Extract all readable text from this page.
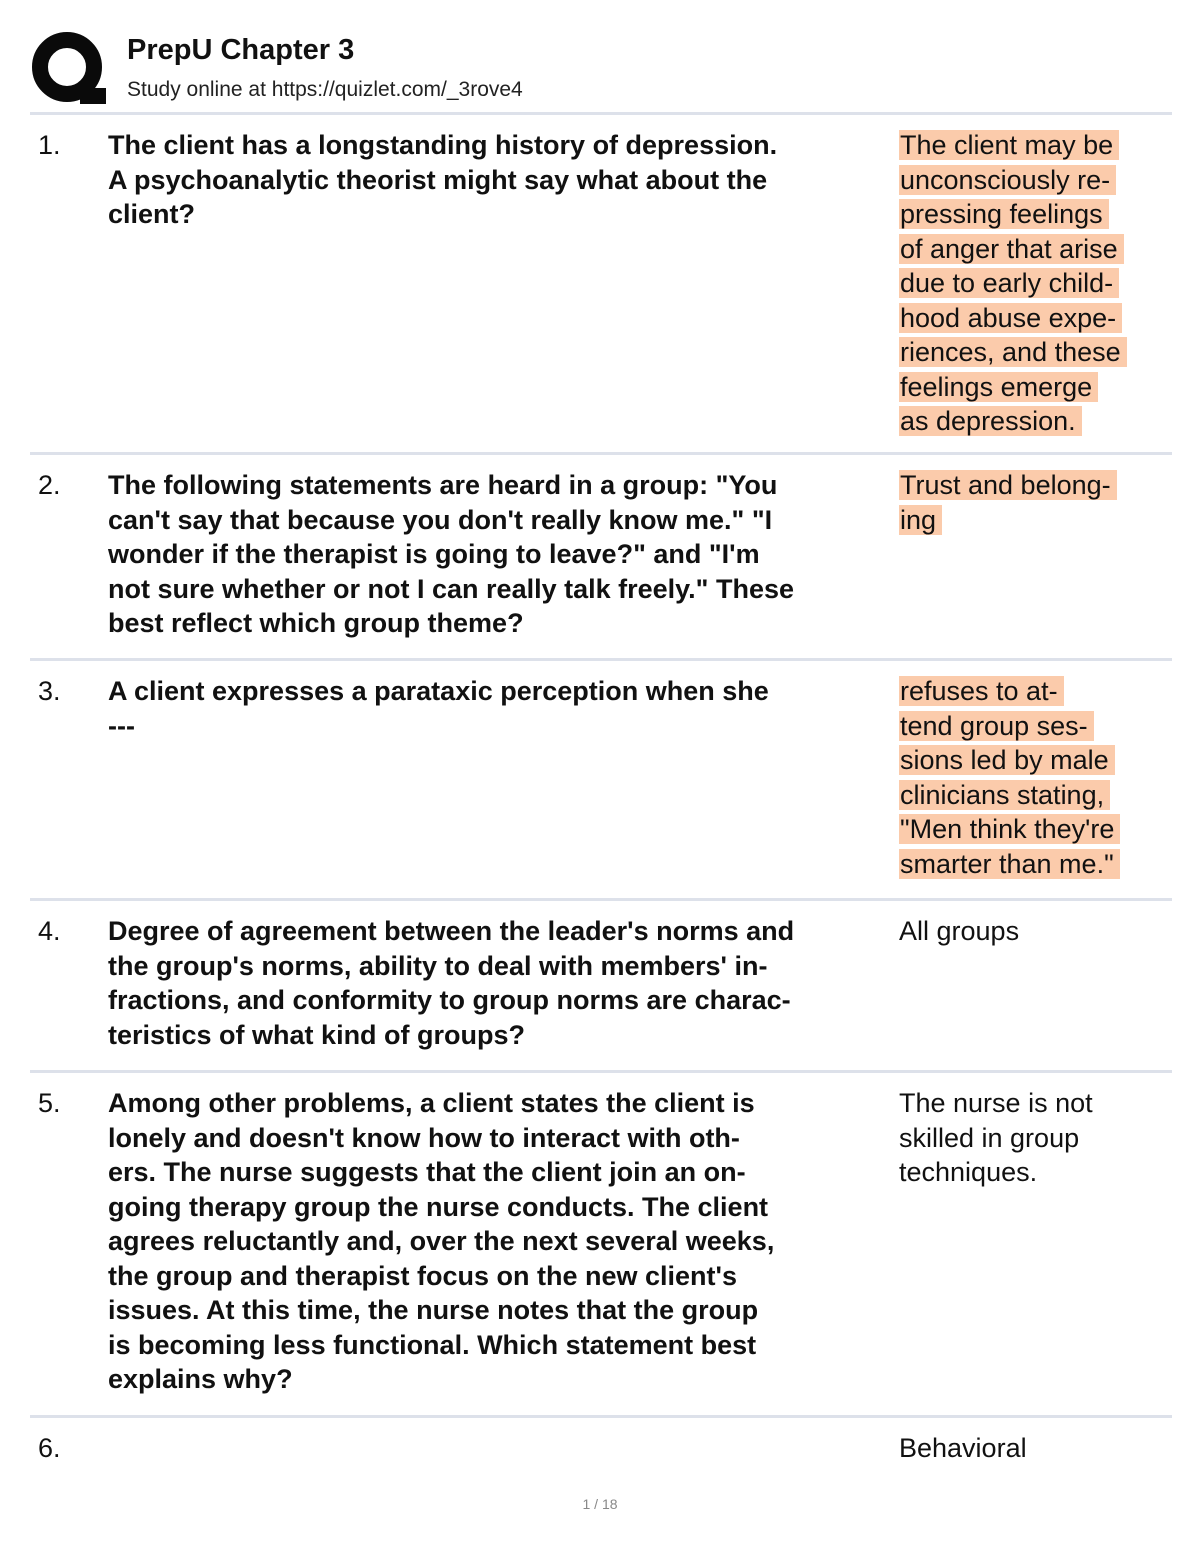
PrepU Chapter 3
Study online at https://quizlet.com/_3rove4
1. The client has a longstanding history of depression.
A psychoanalytic theorist might say what about the
client?
The client may be
unconsciously re-
pressing feelings
of anger that arise
due to early child-
hood abuse expe-
riences, and these
feelings emerge
as depression.
2. The following statements are heard in a group: "You
can't say that because you don't really know me." "I
wonder if the therapist is going to leave?" and "I'm
not sure whether or not I can really talk freely." These
best reflect which group theme?
Trust and belong-
ing
3. A client expresses a parataxic perception when she
---
refuses to at-
tend group ses-
sions led by male
clinicians stating,
"Men think they're
smarter than me."
4. Degree of agreement between the leader's norms and
the group's norms, ability to deal with members' in-
fractions, and conformity to group norms are charac-
teristics of what kind of groups?
All groups
5. Among other problems, a client states the client is
lonely and doesn't know how to interact with oth-
ers. The nurse suggests that the client join an on-
going therapy group the nurse conducts. The client
agrees reluctantly and, over the next several weeks,
the group and therapist focus on the new client's
issues. At this time, the nurse notes that the group
is becoming less functional. Which statement best
explains why?
The nurse is not
skilled in group
techniques.
6.	Behavioral
1 / 18
